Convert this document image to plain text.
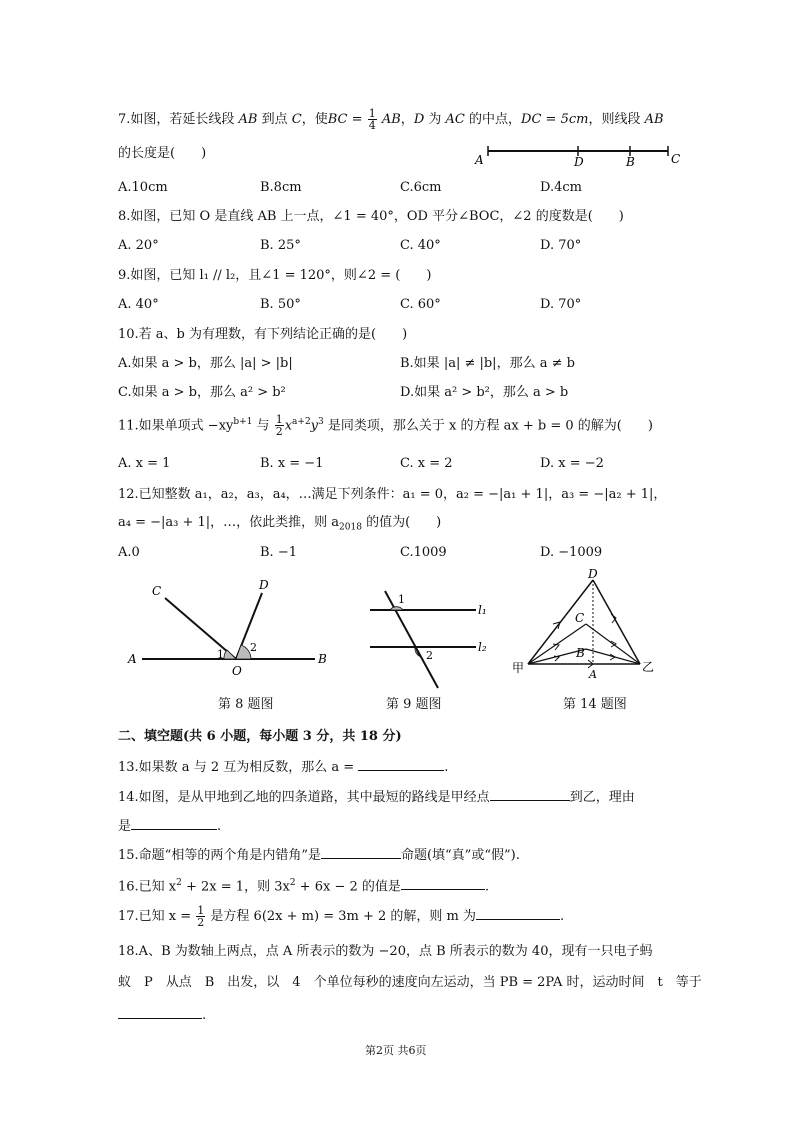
7.如图，若延长线段 AB 到点 C，使BC = $\frac{1}{4}$ AB，D 为 AC 的中点，DC = 5cm，则线段 AB
的长度是(　　)	A	D	B	C
A.10cm	B.8cm	C.6cm	D.4cm
8.如图，已知 O 是直线 AB 上一点，∠1 = 40°，OD 平分∠BOC，∠2 的度数是(　　)
A. 20°	B. 25°	C. 40°	D. 70°
9.如图，已知 l₁ // l₂，且∠1 = 120°，则∠2 = (　　)
A. 40°	B. 50°	C. 60°	D. 70°
10.若 a、b 为有理数，有下列结论正确的是(　　)
A.如果 a > b，那么 |a| > |b|	B.如果 |a| ≠ |b|，那么 a ≠ b
C.如果 a > b，那么 a² > b²	D.如果 a² > b²，那么 a > b
11.如果单项式 $-xy^{b+1}$ 与 $\frac{1}{2} x^{a+2}y^3$ 是同类项，那么关于 x 的方程 ax + b = 0 的解为(　　)
A. x = 1	B. x = −1	C. x = 2	D. x = −2
12.已知整数 a₁，a₂，a₃，a₄，…满足下列条件：a₁ = 0，a₂ = −|a₁ + 1|，a₃ = −|a₂ + 1|，
a₄ = −|a₃ + 1|，…，依此类推，则 $a_{2018}$ 的值为(　　)
A.0	B. −1	C.1009	D. −1009
C	D
A
O
B
1
2
1
2
l₁
l₂
D
C
B
A
甲	乙
第 8 题图	第 9 题图	第 14 题图
二、填空题(共 6 小题，每小题 3 分，共 18 分)
13.如果数 a 与 2 互为相反数，那么 a =	.
14.如图，是从甲地到乙地的四条道路，其中最短的路线是甲经点	到乙，理由
是	.
15.命题“相等的两个角是内错角”是	命题(填“真”或“假”).
16.已知 $x^2 + 2x = 1$，则 $3x^2 + 6x - 2$ 的值是	.
17.已知 $x = \frac{1}{2}$ 是方程 6(2x + m) = 3m + 2 的解，则 m 为	.
18.A、B 为数轴上两点，点 A 所表示的数为 −20，点 B 所表示的数为 40，现有一只电子蚂
蚁　P　从点　B　出发，以　4　个单位每秒的速度向左运动，当 PB = 2PA 时，运动时间　t　等于
.
第2页 共6页
